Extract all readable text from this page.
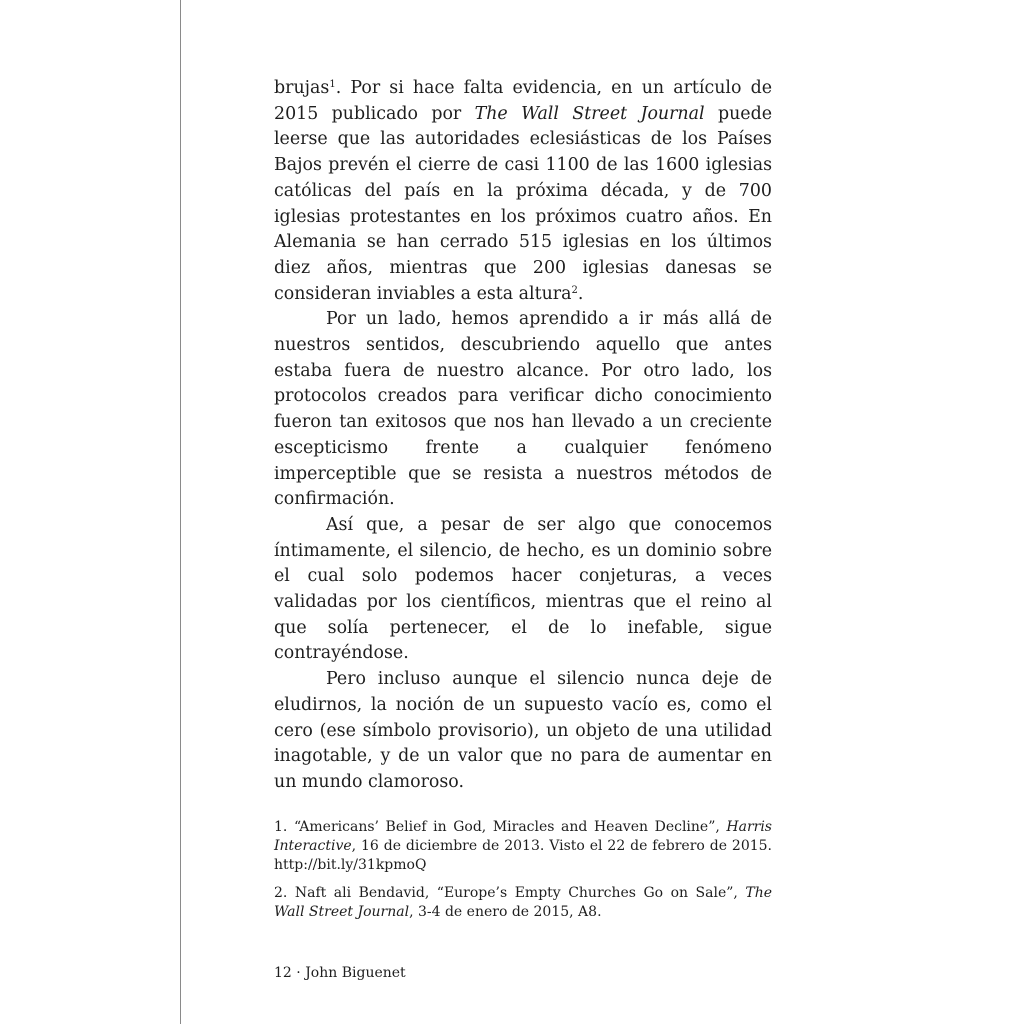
brujas$^1$. Por si hace falta evidencia, en un artículo de 2015 publicado por The Wall Street Journal puede leerse que las autoridades eclesiásticas de los Países Bajos prevén el cierre de casi 1100 de las 1600 iglesias católicas del país en la próxima década, y de 700 iglesias protestantes en los próximos cuatro años. En Alemania se han cerrado 515 iglesias en los últimos diez años, mientras que 200 iglesias danesas se consideran inviables a esta altura$^2$.

Por un lado, hemos aprendido a ir más allá de nuestros sentidos, descubriendo aquello que antes estaba fuera de nuestro alcance. Por otro lado, los protocolos creados para verificar dicho conocimiento fueron tan exitosos que nos han llevado a un creciente escepticismo frente a cualquier fenómeno imperceptible que se resista a nuestros métodos de confirmación.

Así que, a pesar de ser algo que conocemos íntimamente, el silencio, de hecho, es un dominio sobre el cual solo podemos hacer conjeturas, a veces validadas por los científicos, mientras que el reino al que solía pertenecer, el de lo inefable, sigue contrayéndose.

Pero incluso aunque el silencio nunca deje de eludirnos, la noción de un supuesto vacío es, como el cero (ese símbolo provisorio), un objeto de una utilidad inagotable, y de un valor que no para de aumentar en un mundo clamoroso.

1. “Americans’ Belief in God, Miracles and Heaven Decline”, Harris Interactive, 16 de diciembre de 2013. Visto el 22 de febrero de 2015. http://bit.ly/31kpmoQ

2. Naft ali Bendavid, “Europe’s Empty Churches Go on Sale”, The Wall Street Journal, 3-4 de enero de 2015, A8.

12 · John Biguenet
